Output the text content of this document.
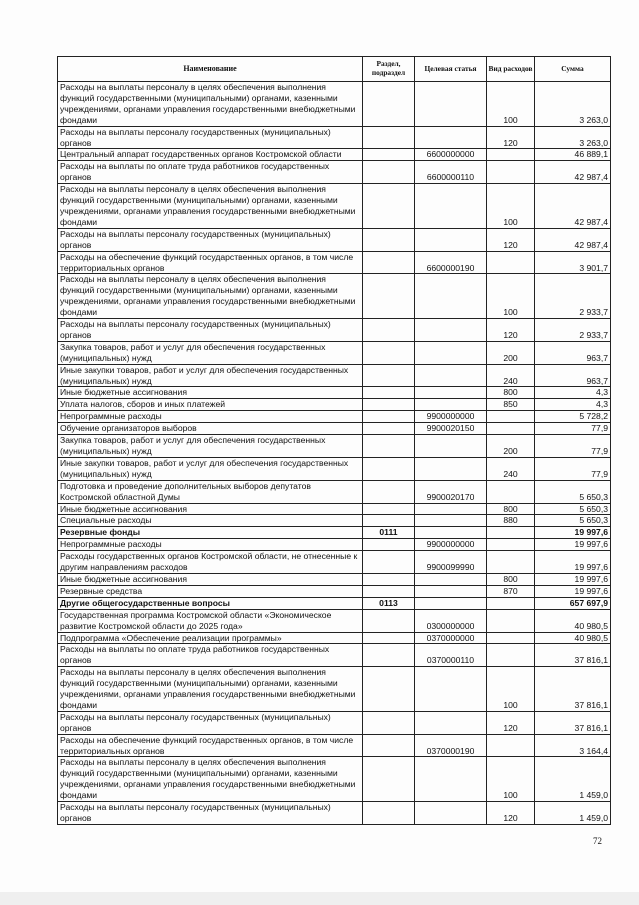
Наименование	Раздел, подраздел	Целевая статья	Вид расходов	Сумма
Расходы на выплаты персоналу в целях обеспечения выполнения функций государственными (муниципальными) органами, казенными учреждениями, органами управления государственными внебюджетными фондами			100	3 263,0
Расходы на выплаты персоналу государственных (муниципальных) органов			120	3 263,0
Центральный аппарат государственных органов Костромской области		6600000000		46 889,1
Расходы на выплаты по оплате труда работников государственных органов		6600000110		42 987,4
Расходы на выплаты персоналу в целях обеспечения выполнения функций государственными (муниципальными) органами, казенными учреждениями, органами управления государственными внебюджетными фондами			100	42 987,4
Расходы на выплаты персоналу государственных (муниципальных) органов			120	42 987,4
Расходы на обеспечение функций государственных органов, в том числе территориальных органов		6600000190		3 901,7
Расходы на выплаты персоналу в целях обеспечения выполнения функций государственными (муниципальными) органами, казенными учреждениями, органами управления государственными внебюджетными фондами			100	2 933,7
Расходы на выплаты персоналу государственных (муниципальных) органов			120	2 933,7
Закупка товаров, работ и услуг для обеспечения государственных (муниципальных) нужд			200	963,7
Иные закупки товаров, работ и услуг для обеспечения государственных (муниципальных) нужд			240	963,7
Иные бюджетные ассигнования			800	4,3
Уплата налогов, сборов и иных платежей			850	4,3
Непрограммные расходы		9900000000		5 728,2
Обучение организаторов выборов		9900020150		77,9
Закупка товаров, работ и услуг для обеспечения государственных (муниципальных) нужд			200	77,9
Иные закупки товаров, работ и услуг для обеспечения государственных (муниципальных) нужд			240	77,9
Подготовка и проведение дополнительных выборов депутатов Костромской областной Думы		9900020170		5 650,3
Иные бюджетные ассигнования			800	5 650,3
Специальные расходы			880	5 650,3
Резервные фонды	0111			19 997,6
Непрограммные расходы		9900000000		19 997,6
Расходы государственных органов Костромской области, не отнесенные к другим направлениям расходов		9900099990		19 997,6
Иные бюджетные ассигнования			800	19 997,6
Резервные средства			870	19 997,6
Другие общегосударственные вопросы	0113			657 697,9
Государственная программа Костромской области «Экономическое развитие Костромской области до 2025 года»		0300000000		40 980,5
Подпрограмма «Обеспечение реализации программы»		0370000000		40 980,5
Расходы на выплаты по оплате труда работников государственных органов		0370000110		37 816,1
Расходы на выплаты персоналу в целях обеспечения выполнения функций государственными (муниципальными) органами, казенными учреждениями, органами управления государственными внебюджетными фондами			100	37 816,1
Расходы на выплаты персоналу государственных (муниципальных) органов			120	37 816,1
Расходы на обеспечение функций государственных органов, в том числе территориальных органов		0370000190		3 164,4
Расходы на выплаты персоналу в целях обеспечения выполнения функций государственными (муниципальными) органами, казенными учреждениями, органами управления государственными внебюджетными фондами			100	1 459,0
Расходы на выплаты персоналу государственных (муниципальных) органов			120	1 459,0
72
